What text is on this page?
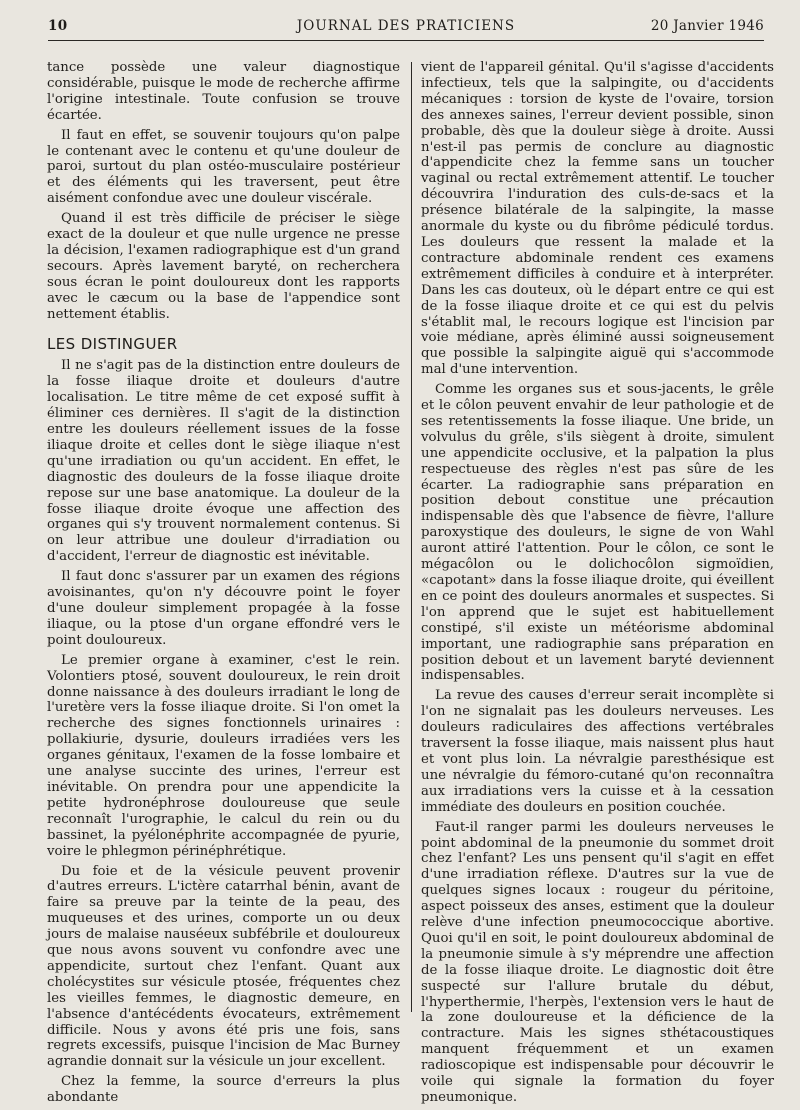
10	JOURNAL DES PRATICIENS	20 Janvier 1946

tance possède une valeur diagnostique considérable, puisque le mode de recherche affirme l'origine intestinale. Toute confusion se trouve écartée.

Il faut en effet, se souvenir toujours qu'on palpe le contenant avec le contenu et qu'une douleur de paroi, surtout du plan ostéo-musculaire postérieur et des éléments qui les traversent, peut être aisément confondue avec une douleur viscérale.

Quand il est très difficile de préciser le siège exact de la douleur et que nulle urgence ne presse la décision, l'examen radiographique est d'un grand secours. Après lavement baryté, on recherchera sous écran le point douloureux dont les rapports avec le cæcum ou la base de l'appendice sont nettement établis.

LES DISTINGUER

Il ne s'agit pas de la distinction entre douleurs de la fosse iliaque droite et douleurs d'autre localisation. Le titre même de cet exposé suffit à éliminer ces dernières. Il s'agit de la distinction entre les douleurs réellement issues de la fosse iliaque droite et celles dont le siège iliaque n'est qu'une irradiation ou qu'un accident. En effet, le diagnostic des douleurs de la fosse iliaque droite repose sur une base anatomique. La douleur de la fosse iliaque droite évoque une affection des organes qui s'y trouvent normalement contenus. Si on leur attribue une douleur d'irradiation ou d'accident, l'erreur de diagnostic est inévitable.

Il faut donc s'assurer par un examen des régions avoisinantes, qu'on n'y découvre point le foyer d'une douleur simplement propagée à la fosse iliaque, ou la ptose d'un organe effondré vers le point douloureux.

Le premier organe à examiner, c'est le rein. Volontiers ptosé, souvent douloureux, le rein droit donne naissance à des douleurs irradiant le long de l'uretère vers la fosse iliaque droite. Si l'on omet la recherche des signes fonctionnels urinaires : pollakiurie, dysurie, douleurs irradiées vers les organes génitaux, l'examen de la fosse lombaire et une analyse succinte des urines, l'erreur est inévitable. On prendra pour une appendicite la petite hydronéphrose douloureuse que seule reconnaît l'urographie, le calcul du rein ou du bassinet, la pyélonéphrite accompagnée de pyurie, voire le phlegmon périnéphrétique.

Du foie et de la vésicule peuvent provenir d'autres erreurs. L'ictère catarrhal bénin, avant de faire sa preuve par la teinte de la peau, des muqueuses et des urines, comporte un ou deux jours de malaise nauséeux subfébrile et douloureux que nous avons souvent vu confondre avec une appendicite, surtout chez l'enfant. Quant aux cholécystites sur vésicule ptosée, fréquentes chez les vieilles femmes, le diagnostic demeure, en l'absence d'antécédents évocateurs, extrêmement difficile. Nous y avons été pris une fois, sans regrets excessifs, puisque l'incision de Mac Burney agrandie donnait sur la vésicule un jour excellent.

Chez la femme, la source d'erreurs la plus abondante

vient de l'appareil génital. Qu'il s'agisse d'accidents infectieux, tels que la salpingite, ou d'accidents mécaniques : torsion de kyste de l'ovaire, torsion des annexes saines, l'erreur devient possible, sinon probable, dès que la douleur siège à droite. Aussi n'est-il pas permis de conclure au diagnostic d'appendicite chez la femme sans un toucher vaginal ou rectal extrêmement attentif. Le toucher découvrira l'induration des culs-de-sacs et la présence bilatérale de la salpingite, la masse anormale du kyste ou du fibrôme pédiculé tordus. Les douleurs que ressent la malade et la contracture abdominale rendent ces examens extrêmement difficiles à conduire et à interpréter. Dans les cas douteux, où le départ entre ce qui est de la fosse iliaque droite et ce qui est du pelvis s'établit mal, le recours logique est l'incision par voie médiane, après éliminé aussi soigneusement que possible la salpingite aiguë qui s'accommode mal d'une intervention.

Comme les organes sus et sous-jacents, le grêle et le côlon peuvent envahir de leur pathologie et de ses retentissements la fosse iliaque. Une bride, un volvulus du grêle, s'ils siègent à droite, simulent une appendicite occlusive, et la palpation la plus respectueuse des règles n'est pas sûre de les écarter. La radiographie sans préparation en position debout constitue une précaution indispensable dès que l'absence de fièvre, l'allure paroxystique des douleurs, le signe de von Wahl auront attiré l'attention. Pour le côlon, ce sont le mégacôlon ou le dolichocôlon sigmoïdien, «capotant» dans la fosse iliaque droite, qui éveillent en ce point des douleurs anormales et suspectes. Si l'on apprend que le sujet est habituellement constipé, s'il existe un météorisme abdominal important, une radiographie sans préparation en position debout et un lavement baryté deviennent indispensables.

La revue des causes d'erreur serait incomplète si l'on ne signalait pas les douleurs nerveuses. Les douleurs radiculaires des affections vertébrales traversent la fosse iliaque, mais naissent plus haut et vont plus loin. La névralgie paresthésique est une névralgie du fémoro-cutané qu'on reconnaîtra aux irradiations vers la cuisse et à la cessation immédiate des douleurs en position couchée.

Faut-il ranger parmi les douleurs nerveuses le point abdominal de la pneumonie du sommet droit chez l'enfant? Les uns pensent qu'il s'agit en effet d'une irradiation réflexe. D'autres sur la vue de quelques signes locaux : rougeur du péritoine, aspect poisseux des anses, estiment que la douleur relève d'une infection pneumococcique abortive. Quoi qu'il en soit, le point douloureux abdominal de la pneumonie simule à s'y méprendre une affection de la fosse iliaque droite. Le diagnostic doit être suspecté sur l'allure brutale du début, l'hyperthermie, l'herpès, l'extension vers le haut de la zone douloureuse et la déficience de la contracture. Mais les signes sthétacoustiques manquent fréquemment et un examen radioscopique est indispensable pour découvrir le voile qui signale la formation du foyer pneumonique.
